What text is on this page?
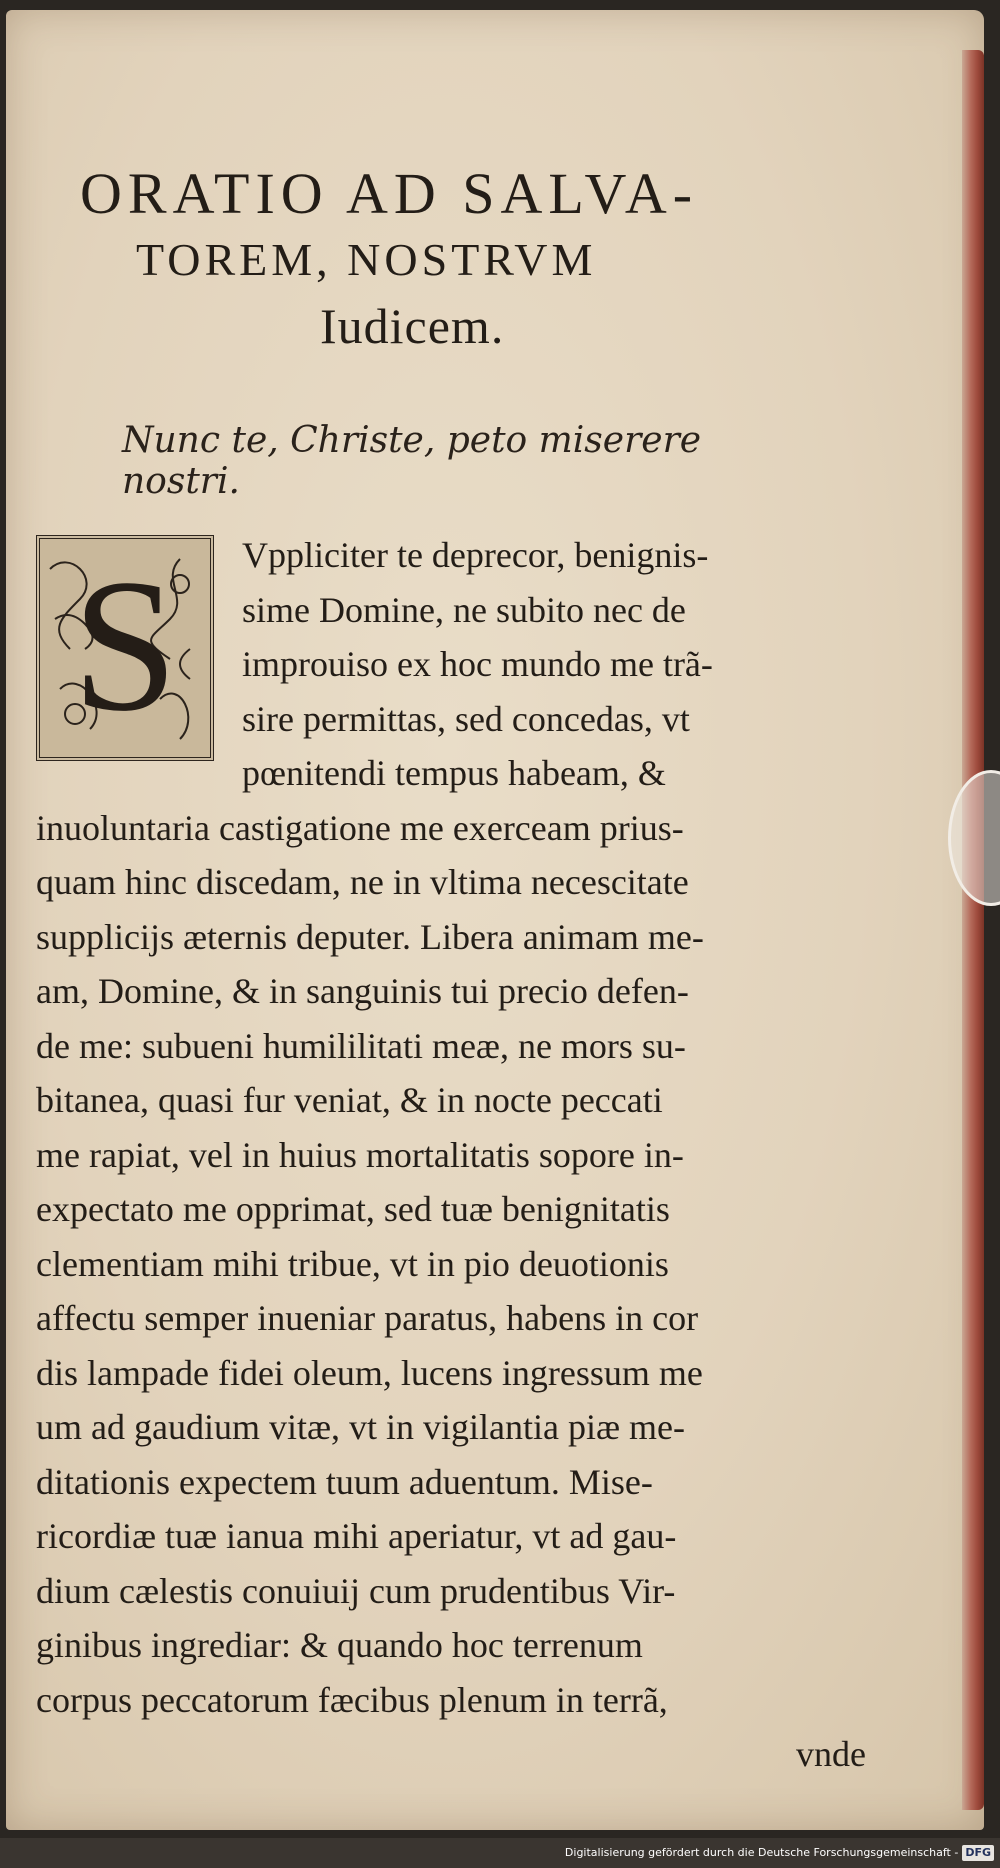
ORATIO AD SALVA-
TOREM, NOSTRVM
Iudicem.
Nunc te, Christe, peto miserere nostri.
S	Vppliciter te deprecor, benignis-
sime Domine, ne subito nec de
improuiso ex hoc mundo me trã-
sire permittas, sed concedas, vt
pœnitendi tempus habeam, &
inuoluntaria castigatione me exerceam prius-
quam hinc discedam, ne in vltima necescitate
supplicijs æternis deputer. Libera animam me-
am, Domine, & in sanguinis tui precio defen-
de me: subueni humililitati meæ, ne mors su-
bitanea, quasi fur veniat, & in nocte peccati
me rapiat, vel in huius mortalitatis sopore in-
expectato me opprimat, sed tuæ benignitatis
clementiam mihi tribue, vt in pio deuotionis
affectu semper inueniar paratus, habens in cor
dis lampade fidei oleum, lucens ingressum me
um ad gaudium vitæ, vt in vigilantia piæ me-
ditationis expectem tuum aduentum. Mise-
ricordiæ tuæ ianua mihi aperiatur, vt ad gau-
dium cælestis conuiuij cum prudentibus Vir-
ginibus ingrediar: & quando hoc terrenum
corpus peccatorum fæcibus plenum in terrã,
vnde
Digitalisierung gefördert durch die Deutsche Forschungsgemeinschaft - DFG
